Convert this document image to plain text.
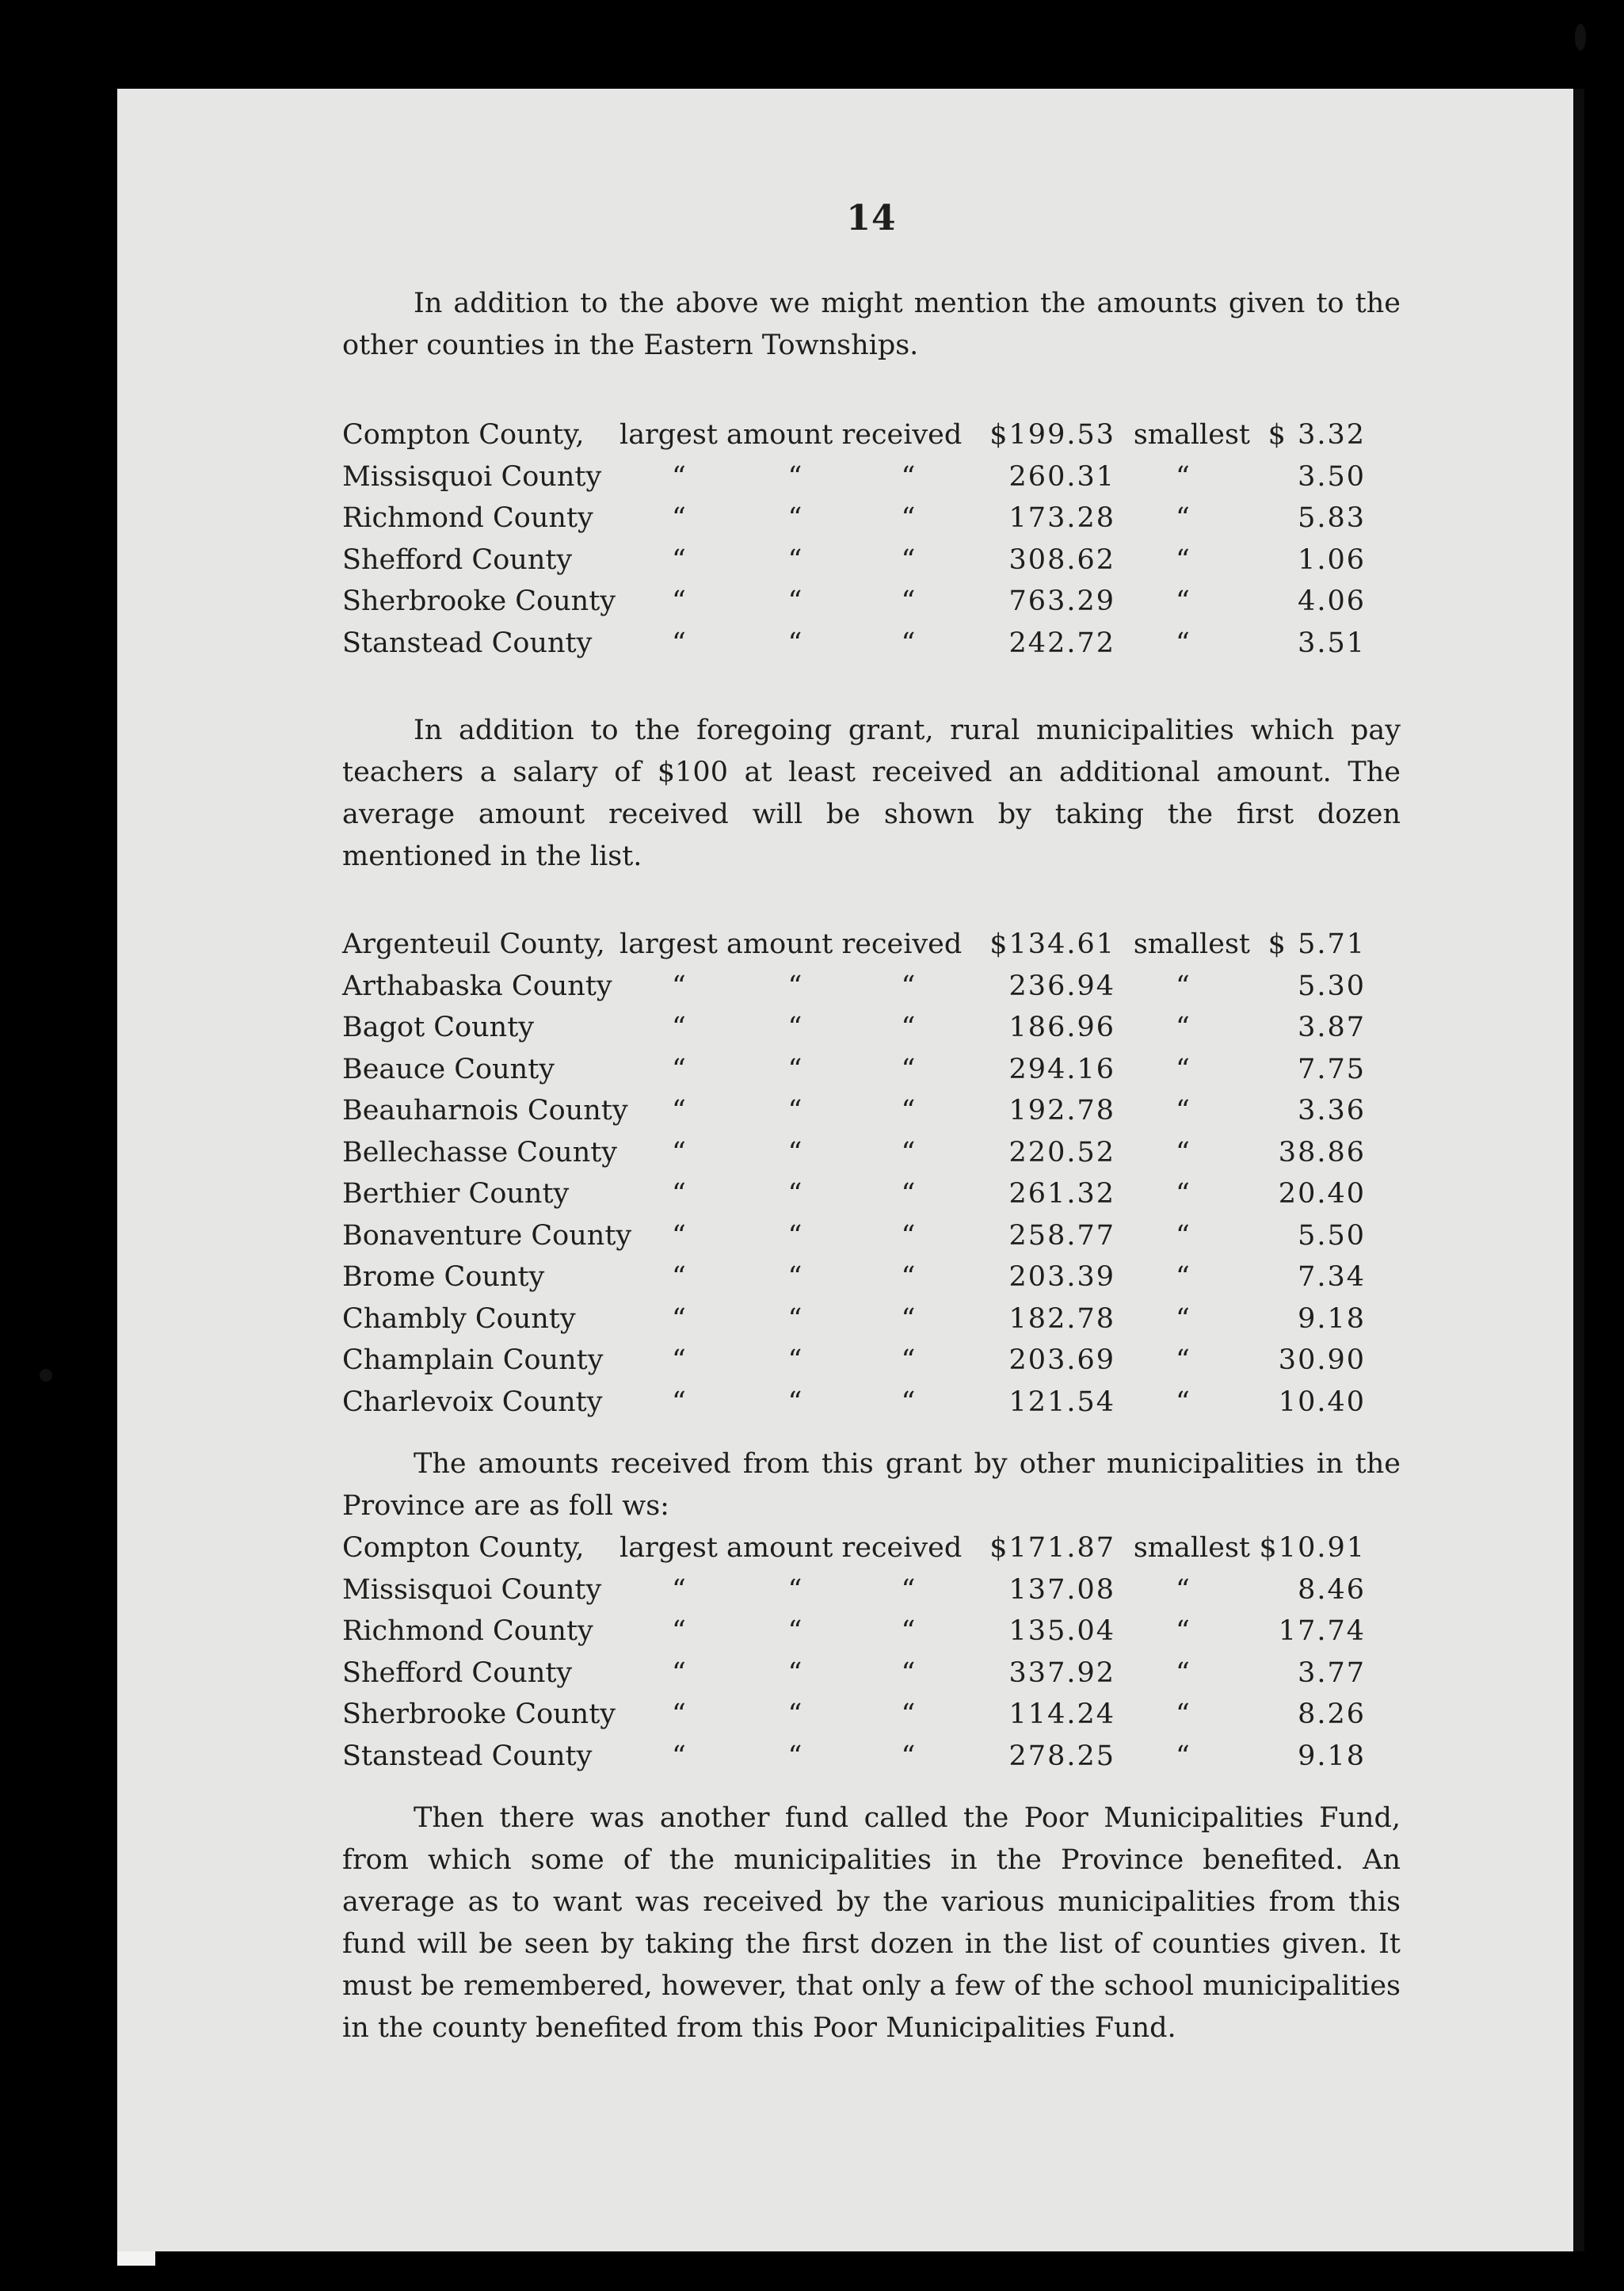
14

In addition to the above we might mention the amounts given to the other counties in the Eastern Townships.

Compton County,	largest amount received $199.53 smallest $ 3.32
Missisquoi County	“	“	“	260.31	“	3.50
Richmond County	“	“	“	173.28	“	5.83
Shefford County	“	“	“	308.62	“	1.06
Sherbrooke County	“	“	“	763.29	“	4.06
Stanstead County	“	“	“	242.72	“	3.51

In addition to the foregoing grant, rural municipalities which pay teachers a salary of $100 at least received an additional amount. The average amount received will be shown by taking the first dozen mentioned in the list.

Argenteuil County, largest amount received $134.61 smallest $ 5.71
Arthabaska County	“	“	“	236.94	“	5.30
Bagot County	“	“	“	186.96	“	3.87
Beauce County	“	“	“	294.16	“	7.75
Beauharnois County	“	“	“	192.78	“	3.36
Bellechasse County	“	“	“	220.52	“	38.86
Berthier County	“	“	“	261.32	“	20.40
Bonaventure County	“	“	“	258.77	“	5.50
Brome County	“	“	“	203.39	“	7.34
Chambly County	“	“	“	182.78	“	9.18
Champlain County	“	“	“	203.69	“	30.90
Charlevoix County	“	“	“	121.54	“	10.40

The amounts received from this grant by other municipalities in the Province are as foll ws:

Compton County,	largest amount received $171.87 smallest $10.91
Missisquoi County	“	“	“	137.08	“	8.46
Richmond County	“	“	“	135.04	“	17.74
Shefford County	“	“	“	337.92	“	3.77
Sherbrooke County	“	“	“	114.24	“	8.26
Stanstead County	“	“	“	278.25	“	9.18

Then there was another fund called the Poor Municipalities Fund, from which some of the municipalities in the Province benefited. An average as to want was received by the various municipalities from this fund will be seen by taking the first dozen in the list of counties given. It must be remembered, however, that only a few of the school municipalities in the county benefited from this Poor Municipalities Fund.
